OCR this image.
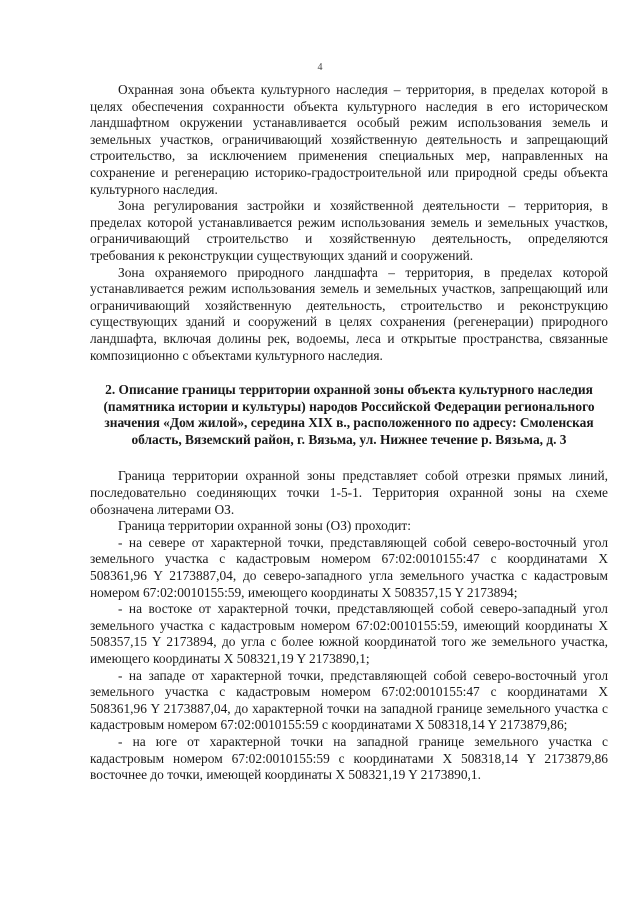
4

Охранная зона объекта культурного наследия – территория, в пределах которой в целях обеспечения сохранности объекта культурного наследия в его историческом ландшафтном окружении устанавливается особый режим использования земель и земельных участков, ограничивающий хозяйственную деятельность и запрещающий строительство, за исключением применения специальных мер, направленных на сохранение и регенерацию историко-градостроительной или природной среды объекта культурного наследия.

Зона регулирования застройки и хозяйственной деятельности – территория, в пределах которой устанавливается режим использования земель и земельных участков, ограничивающий строительство и хозяйственную деятельность, определяются требования к реконструкции существующих зданий и сооружений.

Зона охраняемого природного ландшафта – территория, в пределах которой устанавливается режим использования земель и земельных участков, запрещающий или ограничивающий хозяйственную деятельность, строительство и реконструкцию существующих зданий и сооружений в целях сохранения (регенерации) природного ландшафта, включая долины рек, водоемы, леса и открытые пространства, связанные композиционно с объектами культурного наследия.

2. Описание границы территории охранной зоны объекта культурного наследия (памятника истории и культуры) народов Российской Федерации регионального значения «Дом жилой», середина XIX в., расположенного по адресу: Смоленская область, Вяземский район, г. Вязьма, ул. Нижнее течение р. Вязьма, д. 3

Граница территории охранной зоны представляет собой отрезки прямых линий, последовательно соединяющих точки 1-5-1. Территория охранной зоны на схеме обозначена литерами ОЗ.

Граница территории охранной зоны (ОЗ) проходит:

- на севере от характерной точки, представляющей собой северо-восточный угол земельного участка с кадастровым номером 67:02:0010155:47 с координатами X 508361,96 Y 2173887,04, до северо-западного угла земельного участка с кадастровым номером 67:02:0010155:59, имеющего координаты X 508357,15 Y 2173894;

- на востоке от характерной точки, представляющей собой северо-западный угол земельного участка с кадастровым номером 67:02:0010155:59, имеющий координаты X 508357,15 Y 2173894, до угла с более южной координатой того же земельного участка, имеющего координаты X 508321,19 Y 2173890,1;

- на западе от характерной точки, представляющей собой северо-восточный угол земельного участка с кадастровым номером 67:02:0010155:47 с координатами X 508361,96 Y 2173887,04, до характерной точки на западной границе земельного участка с кадастровым номером 67:02:0010155:59 с координатами X 508318,14 Y 2173879,86;

- на юге от характерной точки на западной границе земельного участка с кадастровым номером 67:02:0010155:59 с координатами X 508318,14 Y 2173879,86 восточнее до точки, имеющей координаты X 508321,19 Y 2173890,1.
